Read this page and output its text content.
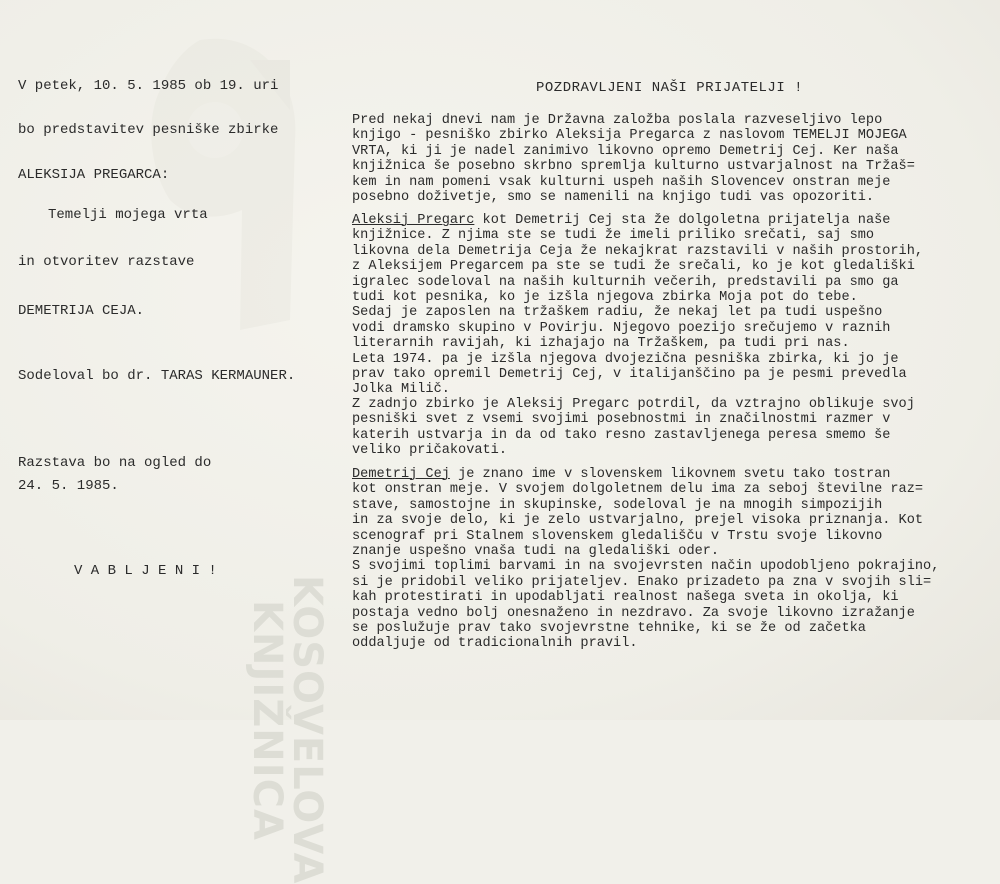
KOSOVELOVA
KNJIŽNICA
V petek, 10. 5. 1985 ob 19. uri
bo predstavitev pesniške zbirke
ALEKSIJA PREGARCA:
Temelji mojega vrta
in otvoritev razstave
DEMETRIJA CEJA.
Sodeloval bo dr. TARAS KERMAUNER.
Razstava bo na ogled do
24. 5. 1985.
V A B L J E N I !
POZDRAVLJENI NAŠI PRIJATELJI !
Pred nekaj dnevi nam je Državna založba poslala razveseljivo lepo
knjigo - pesniško zbirko Aleksija Pregarca z naslovom TEMELJI MOJEGA
VRTA, ki ji je nadel zanimivo likovno opremo Demetrij Cej. Ker naša
knjižnica še posebno skrbno spremlja kulturno ustvarjalnost na Tržaš=
kem in nam pomeni vsak kulturni uspeh naših Slovencev onstran meje
posebno doživetje, smo se namenili na knjigo tudi vas opozoriti.
Aleksij Pregarc kot Demetrij Cej sta že dolgoletna prijatelja naše
knjižnice. Z njima ste se tudi že imeli priliko srečati, saj smo
likovna dela Demetrija Ceja že nekajkrat razstavili v naših prostorih,
z Aleksijem Pregarcem pa ste se tudi že srečali, ko je kot gledališki
igralec sodeloval na naših kulturnih večerih, predstavili pa smo ga
tudi kot pesnika, ko je izšla njegova zbirka Moja pot do tebe.
Sedaj je zaposlen na tržaškem radiu, že nekaj let pa tudi uspešno
vodi dramsko skupino v Povirju. Njegovo poezijo srečujemo v raznih
literarnih ravijah, ki izhajajo na Tržaškem, pa tudi pri nas.
Leta 1974. pa je izšla njegova dvojezična pesniška zbirka, ki jo je
prav tako opremil Demetrij Cej, v italijanščino pa je pesmi prevedla
Jolka Milič.
Z zadnjo zbirko je Aleksij Pregarc potrdil, da vztrajno oblikuje svoj
pesniški svet z vsemi svojimi posebnostmi in značilnostmi razmer v
katerih ustvarja in da od tako resno zastavljenega peresa smemo še
veliko pričakovati.
Demetrij Cej je znano ime v slovenskem likovnem svetu tako tostran
kot onstran meje. V svojem dolgoletnem delu ima za seboj številne raz=
stave, samostojne in skupinske, sodeloval je na mnogih simpozijih
in za svoje delo, ki je zelo ustvarjalno, prejel visoka priznanja. Kot
scenograf pri Stalnem slovenskem gledališču v Trstu svoje likovno
znanje uspešno vnaša tudi na gledališki oder.
S svojimi toplimi barvami in na svojevrsten način upodobljeno pokrajino,
si je pridobil veliko prijateljev. Enako prizadeto pa zna v svojih sli=
kah protestirati in upodabljati realnost našega sveta in okolja, ki
postaja vedno bolj onesnaženo in nezdravo. Za svoje likovno izražanje
se poslužuje prav tako svojevrstne tehnike, ki se že od začetka
oddaljuje od tradicionalnih pravil.
